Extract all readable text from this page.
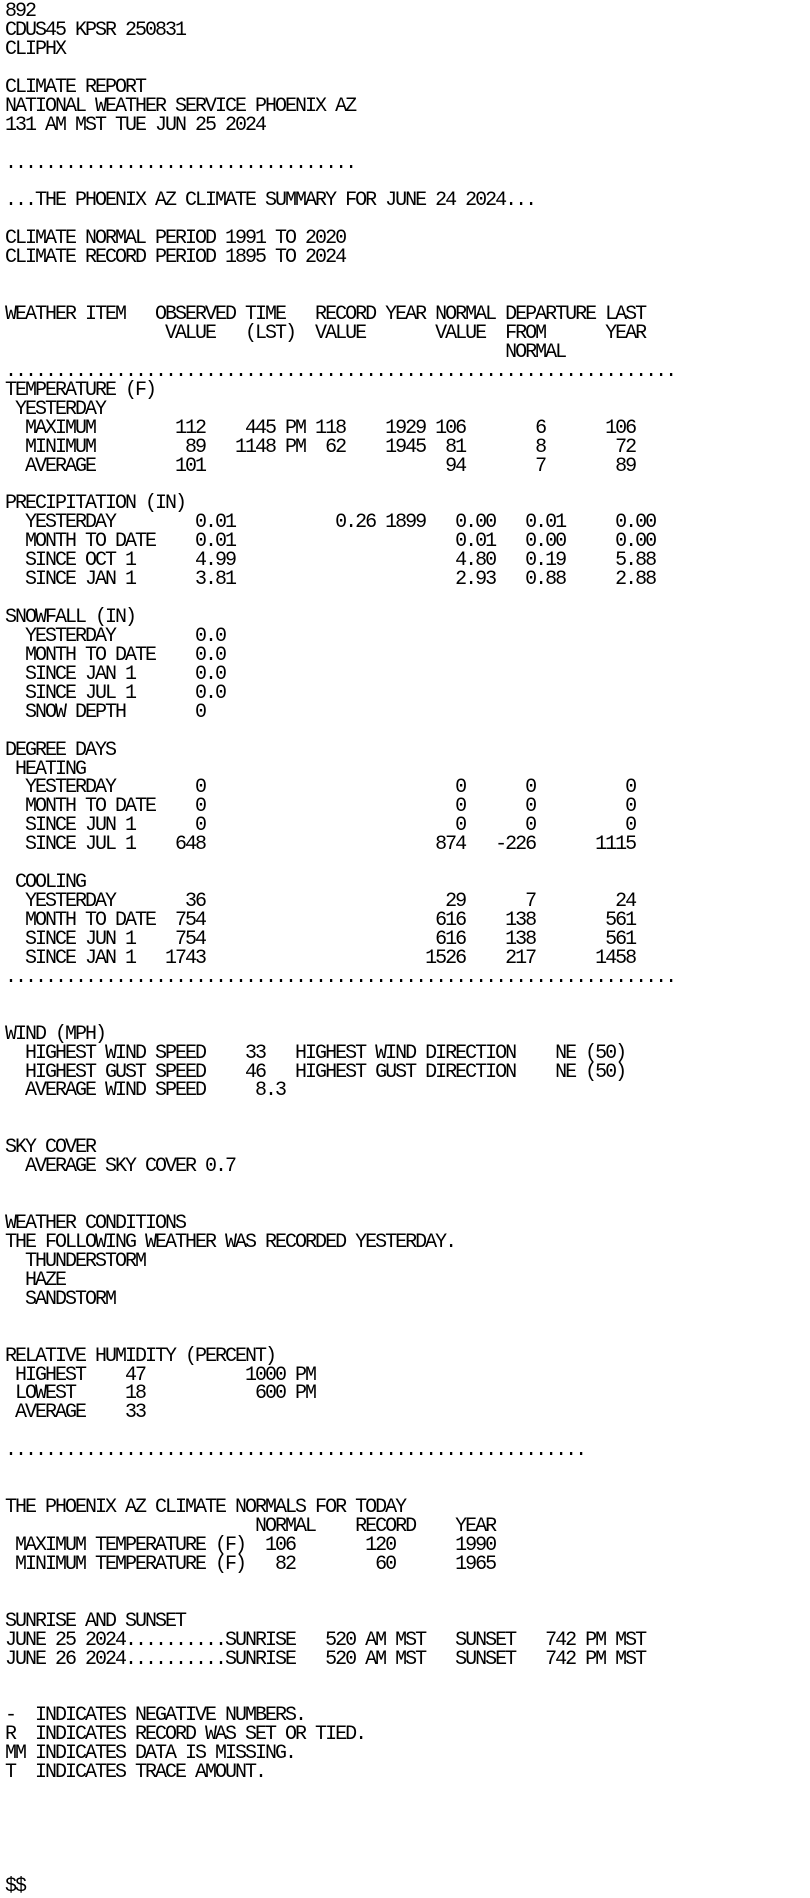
892
CDUS45 KPSR 250831
CLIPHX
CLIMATE REPORT
NATIONAL WEATHER SERVICE PHOENIX AZ
131 AM MST TUE JUN 25 2024
...................................
...THE PHOENIX AZ CLIMATE SUMMARY FOR JUNE 24 2024...
CLIMATE NORMAL PERIOD 1991 TO 2020
CLIMATE RECORD PERIOD 1895 TO 2024
WEATHER ITEM   OBSERVED TIME   RECORD YEAR NORMAL DEPARTURE LAST
VALUE   (LST)  VALUE       VALUE  FROM      YEAR
NORMAL
...................................................................
TEMPERATURE (F)
YESTERDAY
MAXIMUM        112    445 PM 118    1929 106       6      106
MINIMUM         89   1148 PM  62    1945  81       8       72
AVERAGE        101                        94       7       89
PRECIPITATION (IN)
YESTERDAY        0.01          0.26 1899   0.00   0.01     0.00
MONTH TO DATE    0.01                      0.01   0.00     0.00
SINCE OCT 1      4.99                      4.80   0.19     5.88
SINCE JAN 1      3.81                      2.93   0.88     2.88
SNOWFALL (IN)
YESTERDAY        0.0
MONTH TO DATE    0.0
SINCE JAN 1      0.0
SINCE JUL 1      0.0
SNOW DEPTH       0
DEGREE DAYS
HEATING
YESTERDAY        0                         0      0         0
MONTH TO DATE    0                         0      0         0
SINCE JUN 1      0                         0      0         0
SINCE JUL 1    648                       874   -226      1115
COOLING
YESTERDAY       36                        29      7        24
MONTH TO DATE  754                       616    138       561
SINCE JUN 1    754                       616    138       561
SINCE JAN 1   1743                      1526    217      1458
...................................................................
WIND (MPH)
HIGHEST WIND SPEED    33   HIGHEST WIND DIRECTION    NE (50)
HIGHEST GUST SPEED    46   HIGHEST GUST DIRECTION    NE (50)
AVERAGE WIND SPEED     8.3
SKY COVER
AVERAGE SKY COVER 0.7
WEATHER CONDITIONS
THE FOLLOWING WEATHER WAS RECORDED YESTERDAY.
THUNDERSTORM
HAZE
SANDSTORM
RELATIVE HUMIDITY (PERCENT)
HIGHEST    47          1000 PM
LOWEST     18           600 PM
AVERAGE    33
..........................................................
THE PHOENIX AZ CLIMATE NORMALS FOR TODAY
NORMAL    RECORD    YEAR
MAXIMUM TEMPERATURE (F)  106       120      1990
MINIMUM TEMPERATURE (F)   82        60      1965
SUNRISE AND SUNSET
JUNE 25 2024..........SUNRISE   520 AM MST   SUNSET   742 PM MST
JUNE 26 2024..........SUNRISE   520 AM MST   SUNSET   742 PM MST
-  INDICATES NEGATIVE NUMBERS.
R  INDICATES RECORD WAS SET OR TIED.
MM INDICATES DATA IS MISSING.
T  INDICATES TRACE AMOUNT.
$$
